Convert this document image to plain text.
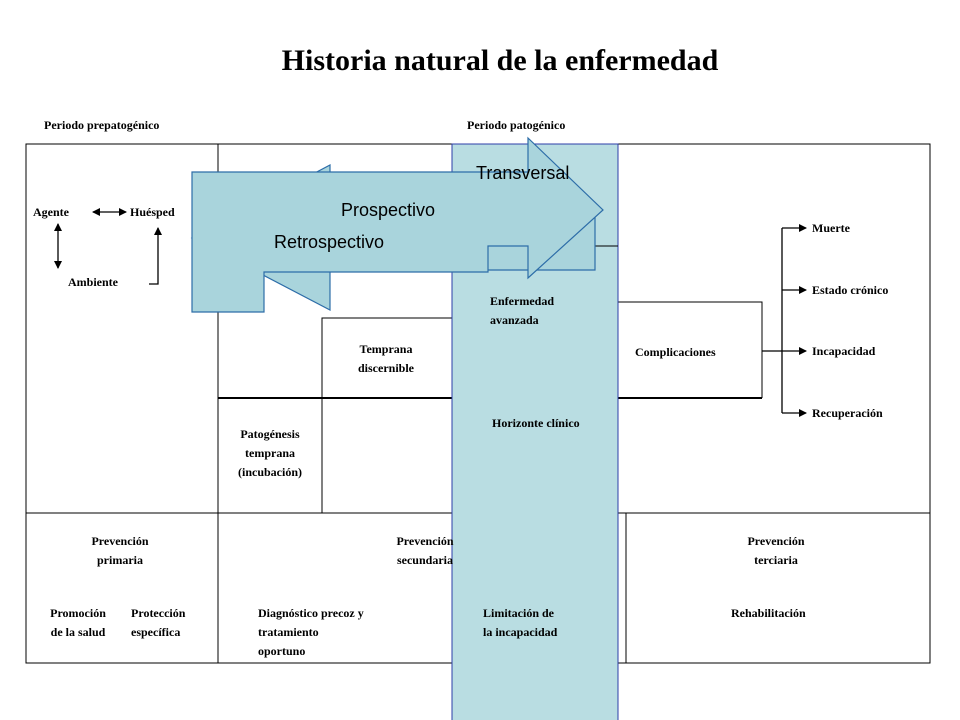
Historia natural de la enfermedad
Periodo prepatogénico	Periodo patogénico
Agente	Huésped
Ambiente
Transversal
Retrospectivo
Prospectivo
Patogénesis
temprana
(incubación)
Temprana
discernible
Enfermedad
avanzada
Complicaciones
Horizonte clínico
Muerte
Estado crónico
Incapacidad
Recuperación
Prevención
primaria
Prevención
secundaria
Prevención
terciaria
Promoción
de la salud
Protección
específica
Diagnóstico precoz y
tratamiento
oportuno
Limitación de
la incapacidad
Rehabilitación
